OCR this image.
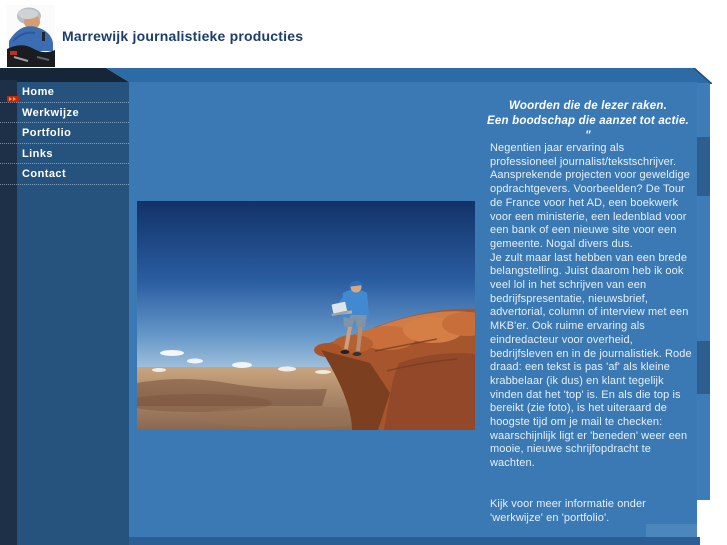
Marrewijk journalistieke producties
Home
Werkwijze
Portfolio
Links
Contact
Woorden die de lezer raken.
Een boodschap die aanzet tot actie. "

Negentien jaar ervaring als professioneel journalist/tekstschrijver. Aansprekende projecten voor geweldige opdrachtgevers. Voorbeelden? De Tour de France voor het AD, een boekwerk voor een ministerie, een ledenblad voor een bank of een nieuwe site voor een gemeente. Nogal divers dus.

Je zult maar last hebben van een brede belangstelling. Juist daarom heb ik ook veel lol in het schrijven van een bedrijfspresentatie, nieuwsbrief, advertorial, column of interview met een MKB'er. Ook ruime ervaring als eindredacteur voor overheid, bedrijfsleven en in de journalistiek. Rode draad: een tekst is pas 'af' als kleine krabbelaar (ik dus) en klant tegelijk vinden dat het 'top' is. En als die top is bereikt (zie foto), is het uiteraard de hoogste tijd om je mail te checken: waarschijnlijk ligt er 'beneden' weer een mooie, nieuwe schrijfopdracht te wachten.

Kijk voor meer informatie onder 'werkwijze' en 'portfolio'.
